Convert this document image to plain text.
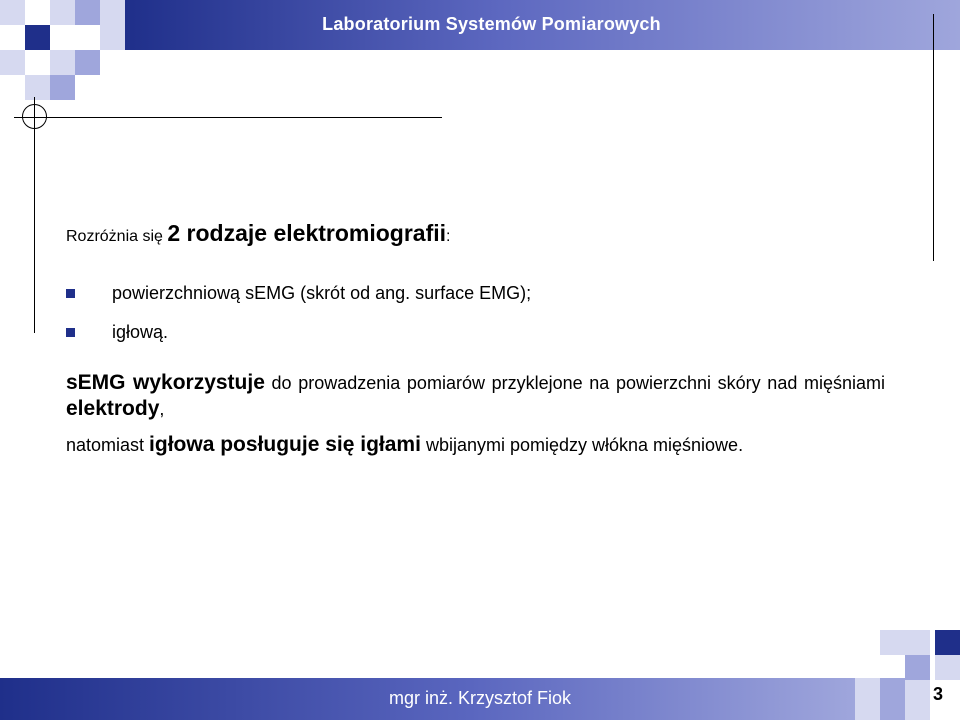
Laboratorium Systemów Pomiarowych

Rozróżnia się 2 rodzaje elektromiografii:

powierzchniową sEMG (skrót od ang. surface EMG);
igłową.

sEMG wykorzystuje do prowadzenia pomiarów przyklejone na powierzchni skóry nad mięśniami elektrody,

natomiast igłowa posługuje się igłami wbijanymi pomiędzy włókna mięśniowe.

mgr inż. Krzysztof Fiok	3
